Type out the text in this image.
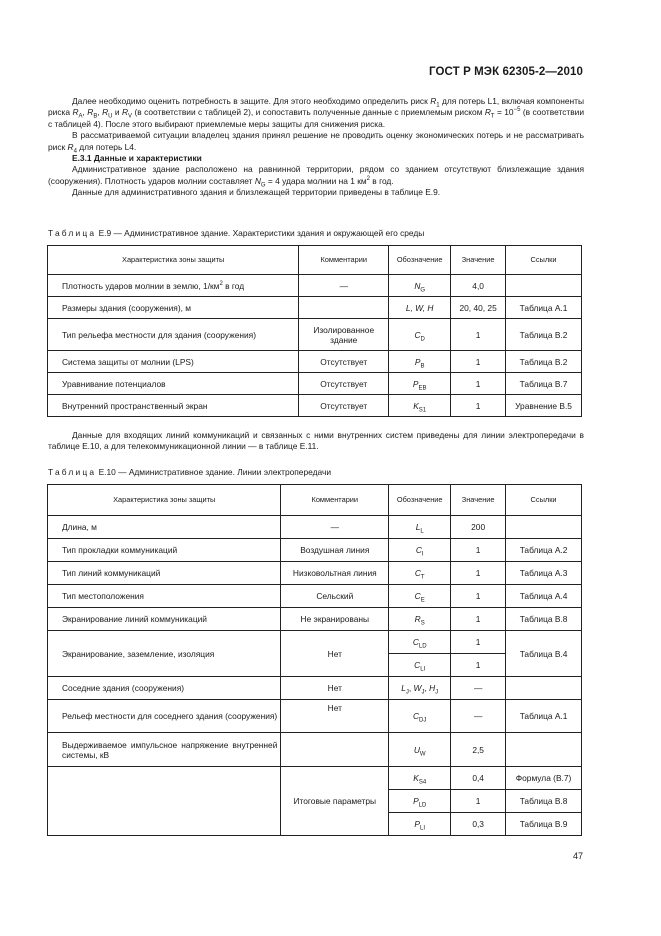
ГОСТ Р МЭК 62305-2—2010

Далее необходимо оценить потребность в защите. Для этого необходимо определить риск $R_1$ для потерь L1, включая компоненты риска $R_A$, $R_B$, $R_U$ и $R_V$ (в соответствии с таблицей 2), и сопоставить полученные данные с приемлемым риском $R_T = 10^{-5}$ (в соответствии с таблицей 4). После этого выбирают приемлемые меры защиты для снижения риска.

В рассматриваемой ситуации владелец здания принял решение не проводить оценку экономических потерь и не рассматривать риск $R_4$ для потерь L4.

Е.3.1 Данные и характеристики

Административное здание расположено на равнинной территории, рядом со зданием отсутствуют близлежащие здания (сооружения). Плотность ударов молнии составляет $N_G = 4$ удара молнии на 1 $км^2$ в год.

Данные для административного здания и близлежащей территории приведены в таблице Е.9.

Таблица Е.9 — Административное здание. Характеристики здания и окружающей его среды
Характеристика зоны защиты	Комментарии	Обозначение	Значение	Ссылки
Плотность ударов молнии в землю, $1/км^2$ в год	—	$N_G$	4,0	
Размеры здания (сооружения), м		L, W, H	20, 40, 25	Таблица А.1
Тип рельефа местности для здания (сооружения)	Изолированное здание	$C_D$	1	Таблица В.2
Система защиты от молнии (LPS)	Отсутствует	$P_B$	1	Таблица В.2
Уравнивание потенциалов	Отсутствует	$P_{EB}$	1	Таблица В.7
Внутренний пространственный экран	Отсутствует	$K_{S1}$	1	Уравнение В.5

Данные для входящих линий коммуникаций и связанных с ними внутренних систем приведены для линии электропередачи в таблице Е.10, а для телекоммуникационной линии — в таблице Е.11.

Таблица Е.10 — Административное здание. Линии электропередачи
Характеристика зоны защиты	Комментарии	Обозначение	Значение	Ссылки
Длина, м	—	$L_L$	200	
Тип прокладки коммуникаций	Воздушная линия	$C_I$	1	Таблица А.2
Тип линий коммуникаций	Низковольтная линия	$C_T$	1	Таблица А.3
Тип местоположения	Сельский	$C_E$	1	Таблица А.4
Экранирование линий коммуникаций	Не экранированы	$R_S$	1	Таблица В.8
Экранирование, заземление, изоляция	Нет	$C_{LD}$	1	Таблица В.4
		$C_{LI}$	1	
Соседние здания (сооружения)	Нет	$L_J$, $W_J$, $H_J$	—	
Рельеф местности для соседнего здания (сооружения)	Нет	$C_{DJ}$	—	Таблица А.1
Выдерживаемое импульсное напряжение внутренней системы, кВ		$U_W$	2,5	
	Итоговые параметры	$K_{S4}$	0,4	Формула (В.7)
		$P_{LD}$	1	Таблица В.8
		$P_{LI}$	0,3	Таблица В.9
47
